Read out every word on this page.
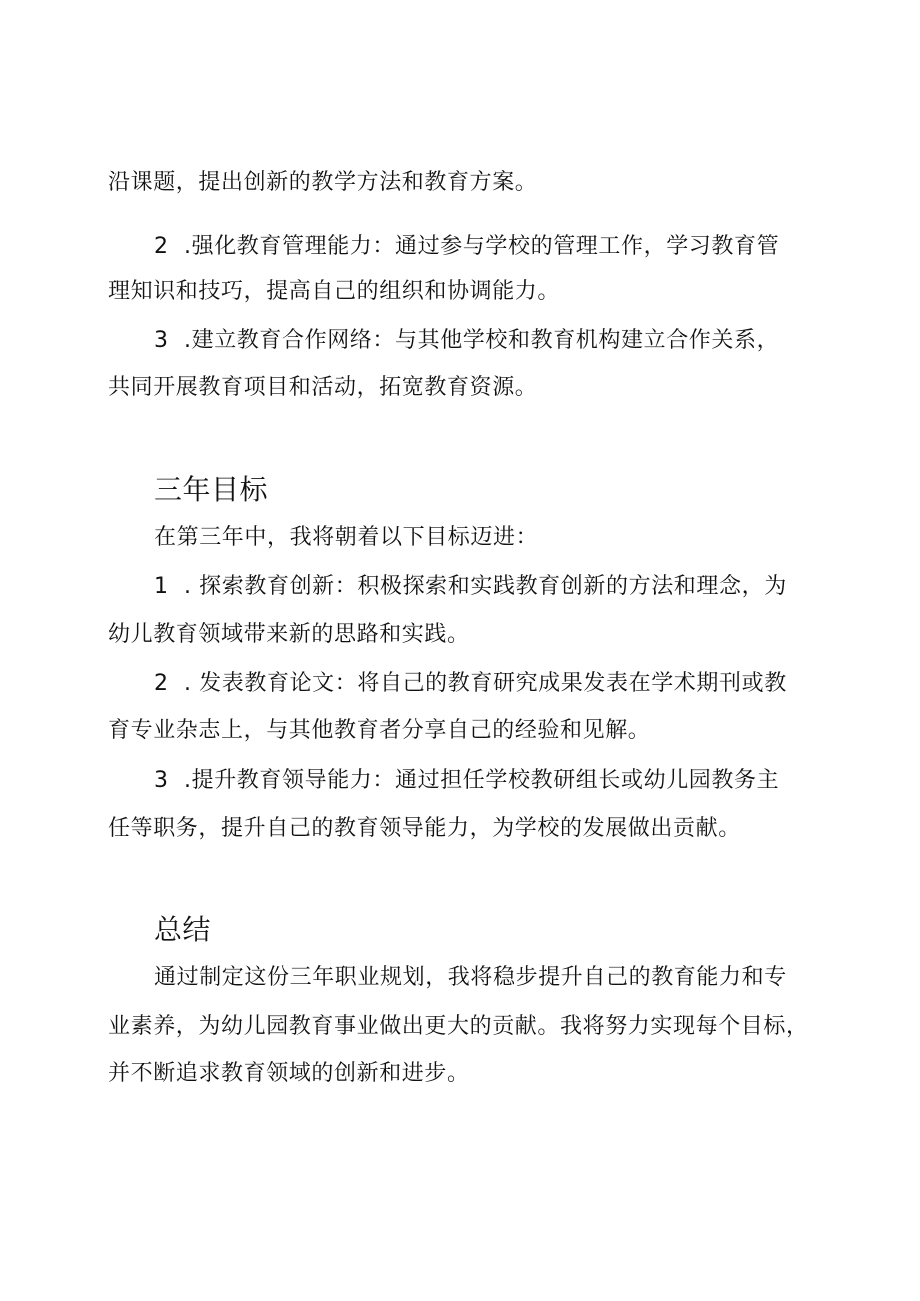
沿课题，提出创新的教学方法和教育方案。
2 .强化教育管理能力：通过参与学校的管理工作，学习教育管
理知识和技巧，提高自己的组织和协调能力。
3 .建立教育合作网络：与其他学校和教育机构建立合作关系，
共同开展教育项目和活动，拓宽教育资源。
三年目标
在第三年中，我将朝着以下目标迈进：
1 . 探索教育创新：积极探索和实践教育创新的方法和理念，为
幼儿教育领域带来新的思路和实践。
2 . 发表教育论文：将自己的教育研究成果发表在学术期刊或教
育专业杂志上，与其他教育者分享自己的经验和见解。
3 .提升教育领导能力：通过担任学校教研组长或幼儿园教务主
任等职务，提升自己的教育领导能力，为学校的发展做出贡献。
总结
通过制定这份三年职业规划，我将稳步提升自己的教育能力和专
业素养，为幼儿园教育事业做出更大的贡献。我将努力实现每个目标，
并不断追求教育领域的创新和进步。
